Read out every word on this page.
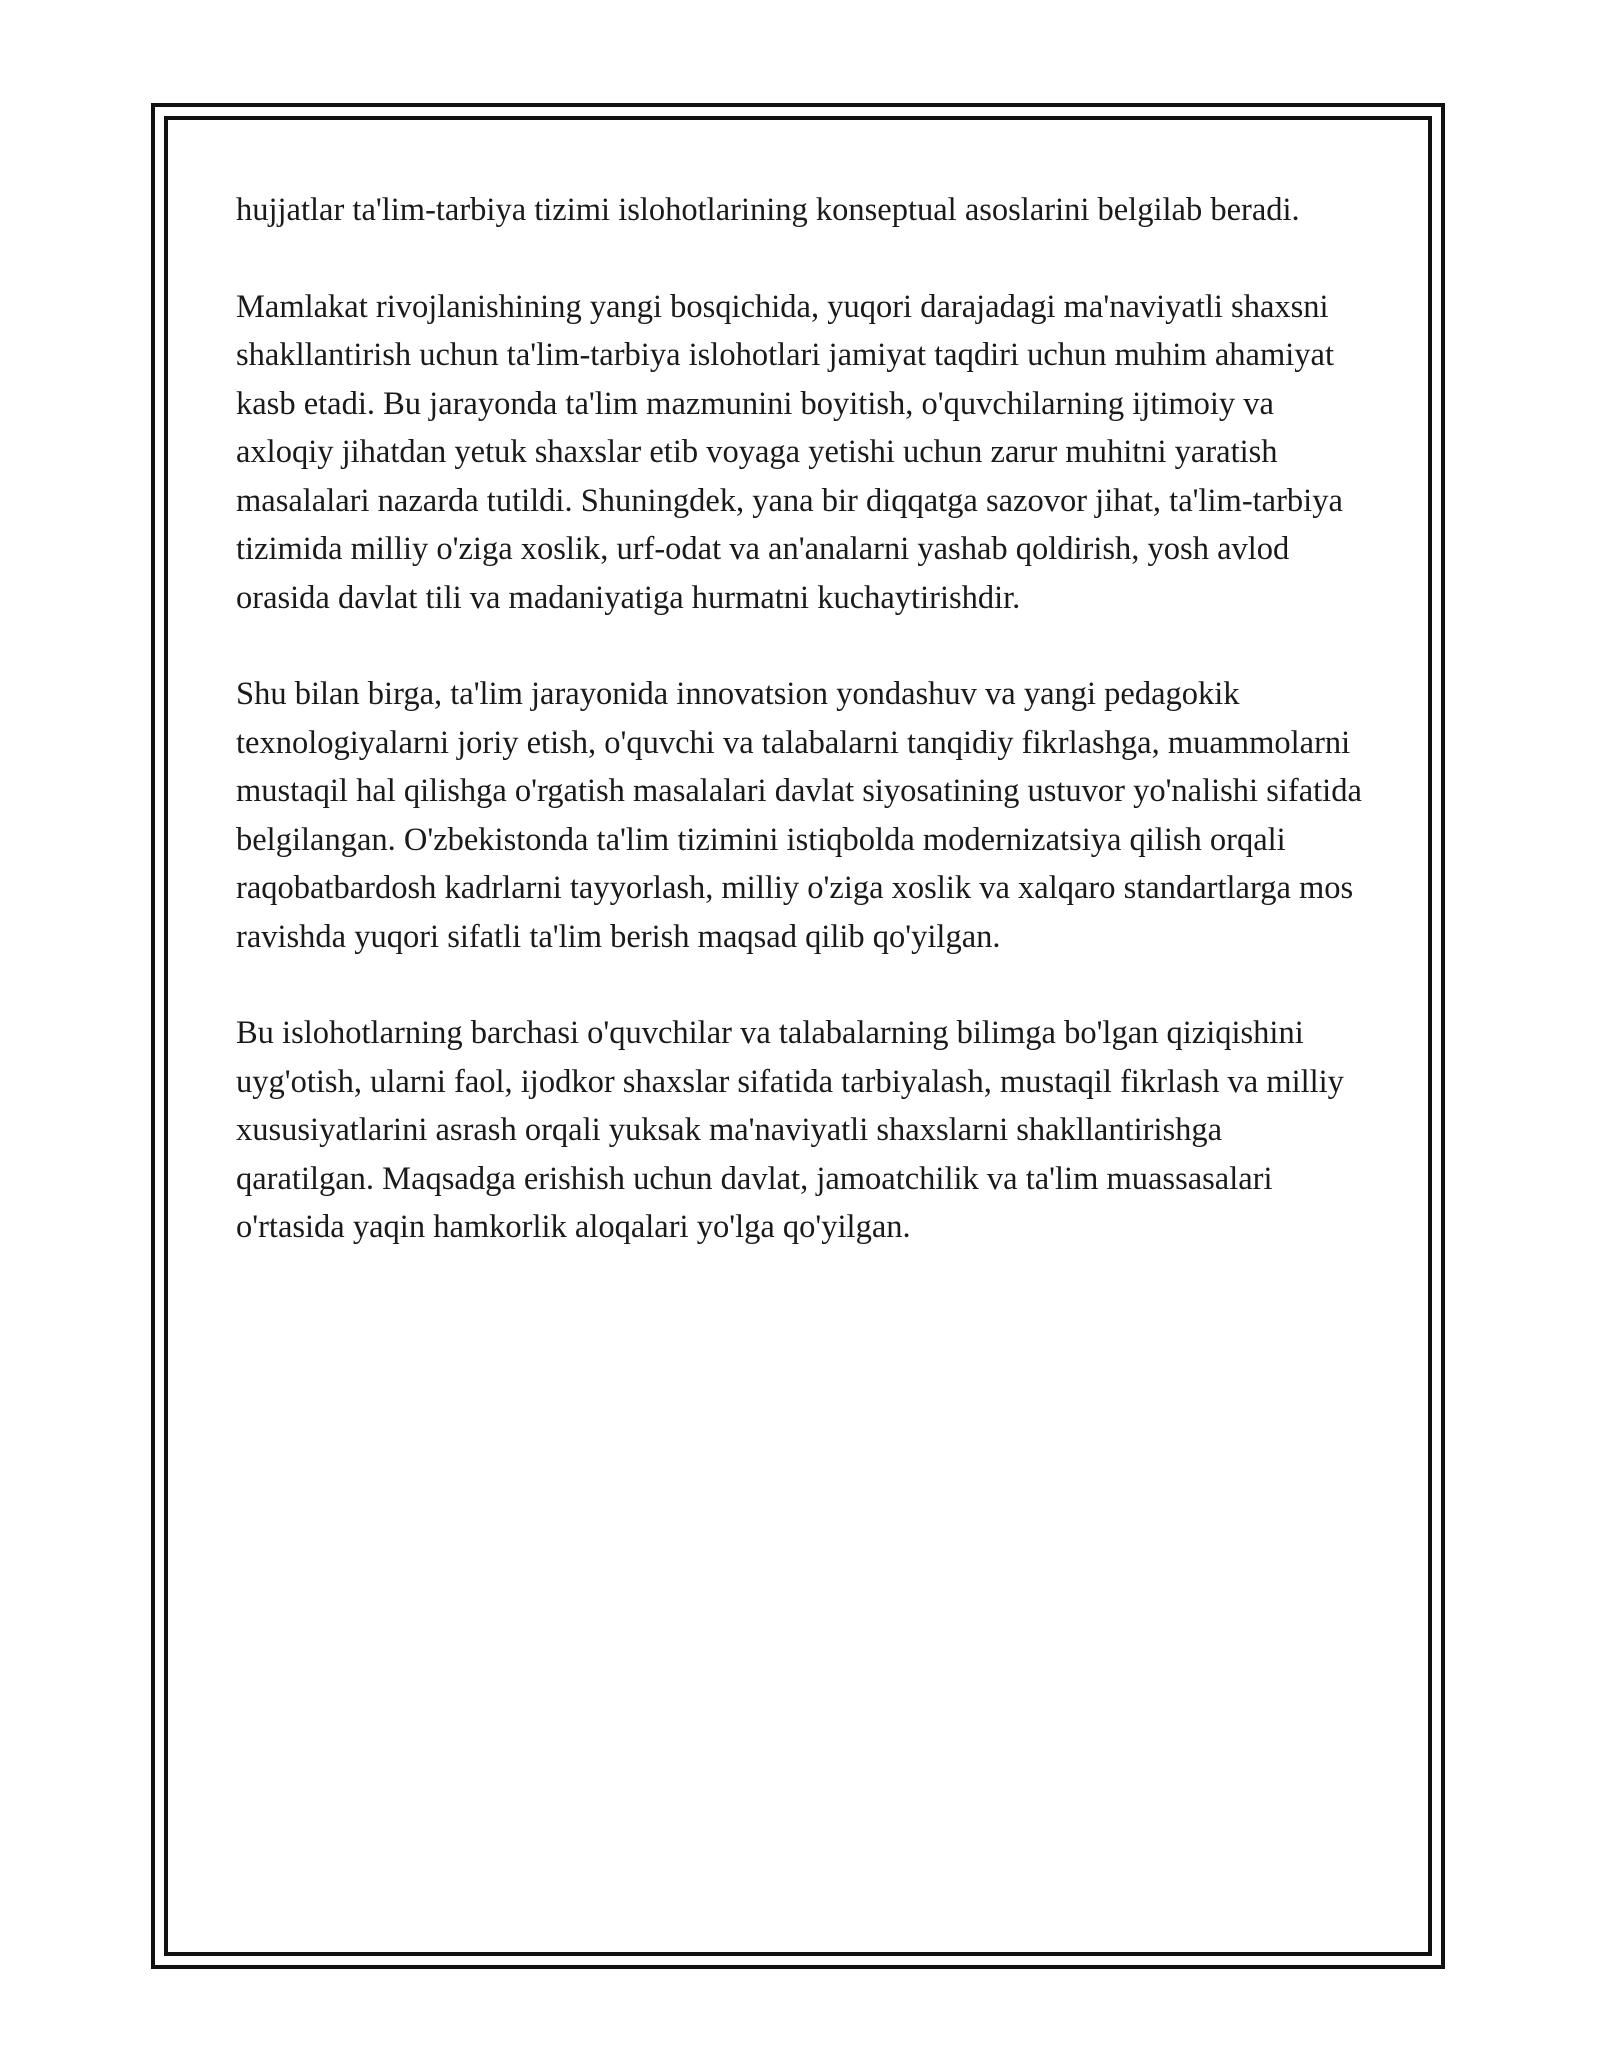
hujjatlar ta'lim-tarbiya tizimi islohotlarining konseptual asoslarini belgilab beradi.

Mamlakat rivojlanishining yangi bosqichida, yuqori darajadagi ma'naviyatli shaxsni shakllantirish uchun ta'lim-tarbiya islohotlari jamiyat taqdiri uchun muhim ahamiyat kasb etadi. Bu jarayonda ta'lim mazmunini boyitish, o'quvchilarning ijtimoiy va axloqiy jihatdan yetuk shaxslar etib voyaga yetishi uchun zarur muhitni yaratish masalalari nazarda tutildi. Shuningdek, yana bir diqqatga sazovor jihat, ta'lim-tarbiya tizimida milliy o'ziga xoslik, urf-odat va an'analarni yashab qoldirish, yosh avlod orasida davlat tili va madaniyatiga hurmatni kuchaytirishdir.

Shu bilan birga, ta'lim jarayonida innovatsion yondashuv va yangi pedagokik texnologiyalarni joriy etish, o'quvchi va talabalarni tanqidiy fikrlashga, muammolarni mustaqil hal qilishga o'rgatish masalalari davlat siyosatining ustuvor yo'nalishi sifatida belgilangan. O'zbekistonda ta'lim tizimini istiqbolda modernizatsiya qilish orqali raqobatbardosh kadrlarni tayyorlash, milliy o'ziga xoslik va xalqaro standartlarga mos ravishda yuqori sifatli ta'lim berish maqsad qilib qo'yilgan.

Bu islohotlarning barchasi o'quvchilar va talabalarning bilimga bo'lgan qiziqishini uyg'otish, ularni faol, ijodkor shaxslar sifatida tarbiyalash, mustaqil fikrlash va milliy xususiyatlarini asrash orqali yuksak ma'naviyatli shaxslarni shakllantirishga qaratilgan. Maqsadga erishish uchun davlat, jamoatchilik va ta'lim muassasalari o'rtasida yaqin hamkorlik aloqalari yo'lga qo'yilgan.
